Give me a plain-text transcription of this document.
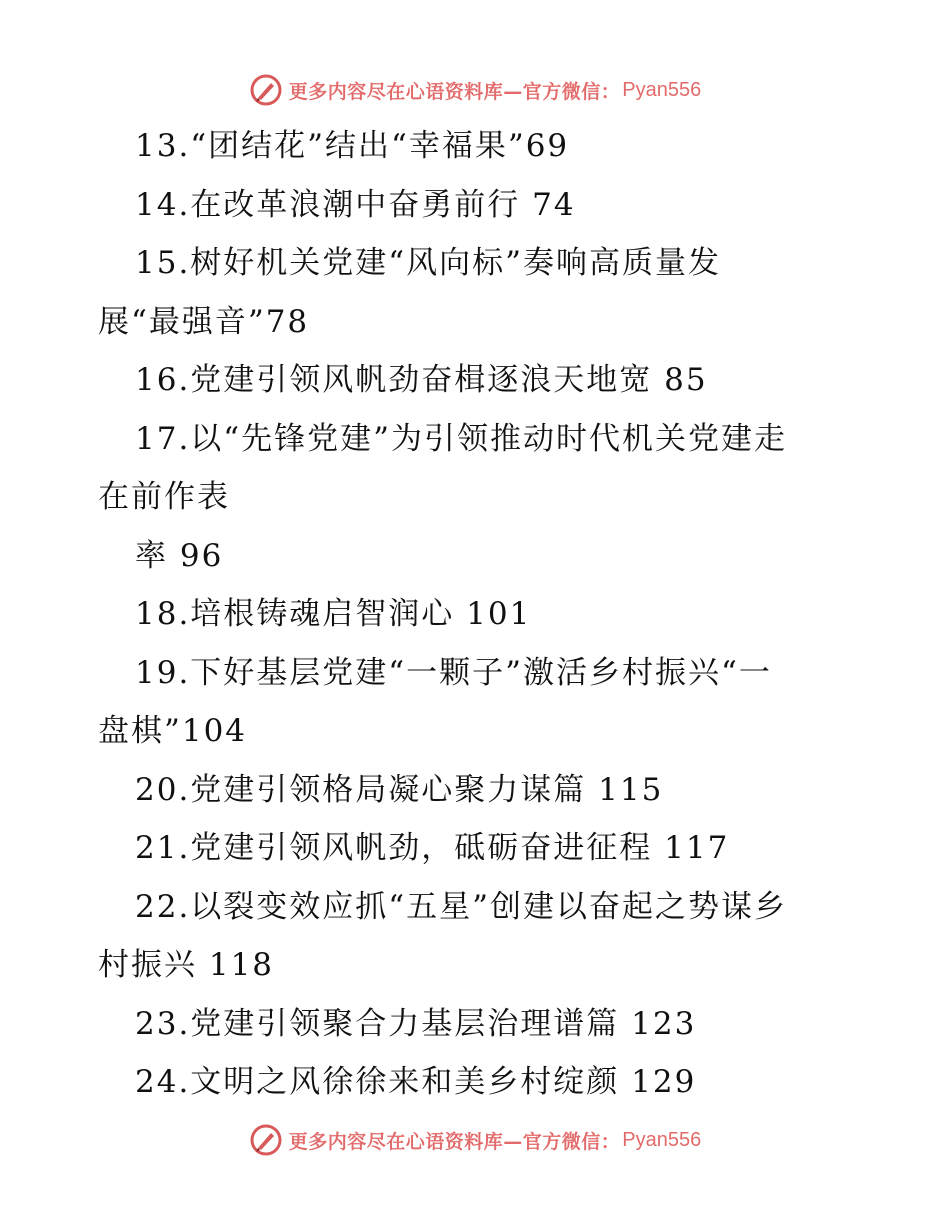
更多内容尽在心语资料库—官方微信： Pyan556
13.“团结花”结出“幸福果”69
14.在改革浪潮中奋勇前行 74
15.树好机关党建“风向标”奏响高质量发
展“最强音”78
16.党建引领风帆劲奋楫逐浪天地宽 85
17.以“先锋党建”为引领推动时代机关党建走
在前作表
率 96
18.培根铸魂启智润心 101
19.下好基层党建“一颗子”激活乡村振兴“一
盘棋”104
20.党建引领格局凝心聚力谋篇 115
21.党建引领风帆劲，砥砺奋进征程 117
22.以裂变效应抓“五星”创建以奋起之势谋乡
村振兴 118
23.党建引领聚合力基层治理谱篇 123
24.文明之风徐徐来和美乡村绽颜 129
更多内容尽在心语资料库—官方微信： Pyan556
